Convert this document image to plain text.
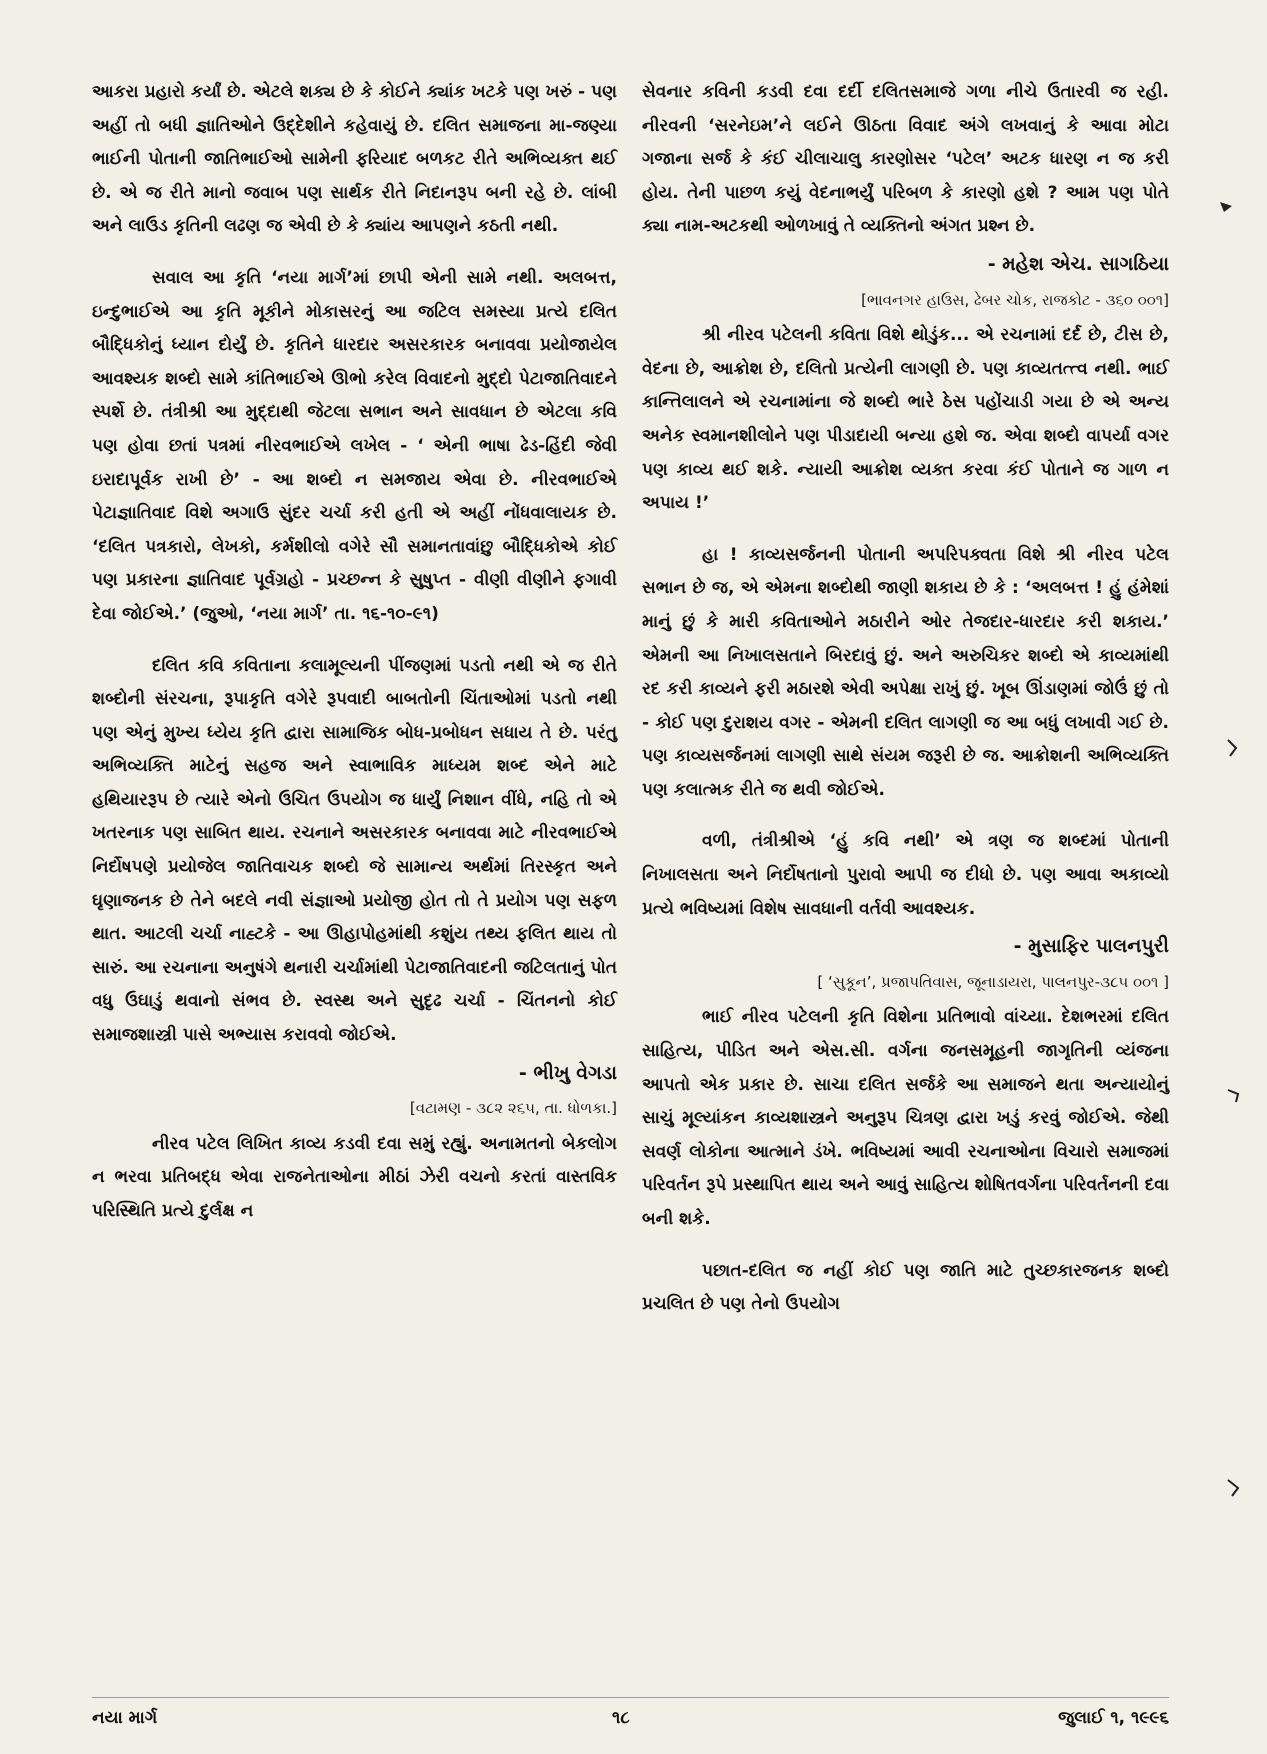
આકરા પ્રહારો કર્યાં છે. એટલે શક્ય છે કે કોઈને ક્યાંક ખટકે પણ ખરું - પણ અહીં તો બધી જ્ઞાતિઓને ઉદ્દેશીને કહેવાયું છે. દલિત સમાજના મા-જણ્યા ભાઈની પોતાની જાતિભાઈઓ સામેની ફરિયાદ બળકટ રીતે અભિવ્યક્ત થઈ છે. એ જ રીતે માનો જવાબ પણ સાર્થક રીતે નિદાનરૂપ બની રહે છે. લાંબી અને લાઉડ કૃતિની લઢણ જ એવી છે કે ક્યાંય આપણને કઠતી નથી.

સવાલ આ કૃતિ ‘નયા માર્ગ’માં છાપી એની સામે નથી. અલબત્ત, ઇન્દુભાઈએ આ કૃતિ મૂકીને મોકાસરનું આ જટિલ સમસ્યા પ્રત્યે દલિત બૌદ્ધિકોનું ધ્યાન દોર્યું છે. કૃતિને ધારદાર અસરકારક બનાવવા પ્રયોજાયેલ આવશ્યક શબ્દો સામે કાંતિભાઈએ ઊભો કરેલ વિવાદનો મુદ્દો પેટાજાતિવાદને સ્પર્શે છે. તંત્રીશ્રી આ મુદ્દાથી જેટલા સભાન અને સાવધાન છે એટલા કવિ પણ હોવા છતાં પત્રમાં નીરવભાઈએ લખેલ - ‘ એની ભાષા ઢેડ-હિંદી જેવી ઇરાદાપૂર્વક રાખી છે’ - આ શબ્દો ન સમજાય એવા છે. નીરવભાઈએ પેટાજ્ઞાતિવાદ વિશે અગાઉ સુંદર ચર્ચા કરી હતી એ અહીં નોંધવાલાયક છે. ‘દલિત પત્રકારો, લેખકો, કર્મશીલો વગેરે સૌ સમાનતાવાંછુ બૌદ્ધિકોએ કોઈ પણ પ્રકારના જ્ઞાતિવાદ પૂર્વગ્રહો - પ્રચ્છન્ન કે સુષુપ્ત - વીણી વીણીને ફગાવી દેવા જોઈએ.’ (જુઓ, ‘નયા માર્ગ’ તા. ૧૬-૧૦-૯૧)

દલિત કવિ કવિતાના કલામૂલ્યની પીંજણમાં પડતો નથી એ જ રીતે શબ્દોની સંરચના, રૂપાકૃતિ વગેરે રૂપવાદી બાબતોની ચિંતાઓમાં પડતો નથી પણ એનું મુખ્ય ધ્યેય કૃતિ દ્વારા સામાજિક બોધ-પ્રબોધન સધાય તે છે. પરંતુ અભિવ્યક્તિ માટેનું સહજ અને સ્વાભાવિક માધ્યમ શબ્દ એને માટે હથિયારરૂપ છે ત્યારે એનો ઉચિત ઉપયોગ જ ધાર્યું નિશાન વીંધે, નહિ તો એ ખતરનાક પણ સાબિત થાય. રચનાને અસરકારક બનાવવા માટે નીરવભાઈએ નિર્દોષપણે પ્રયોજેલ જાતિવાચક શબ્દો જે સામાન્ય અર્થમાં તિરસ્કૃત અને ઘૃણાજનક છે તેને બદલે નવી સંજ્ઞાઓ પ્રયોજી હોત તો તે પ્રયોગ પણ સફળ થાત. આટલી ચર્ચા નાહ્ટકે - આ ઊહાપોહમાંથી કશુંય તથ્ય ફલિત થાય તો સારું. આ રચનાના અનુષંગે થનારી ચર્ચામાંથી પેટાજાતિવાદની જટિલતાનું પોત વધુ ઉઘાડું થવાનો સંભવ છે. સ્વસ્થ અને સુદૃઢ ચર્ચા - ચિંતનનો કોઈ સમાજશાસ્ત્રી પાસે અભ્યાસ કરાવવો જોઈએ.

- ભીખુ વેગડા
[વટામણ - ૩૮૨ ૨૬૫, તા. ધોળકા.]

નીરવ પટેલ લિખિત કાવ્ય કડવી દવા સમું રહ્યું. અનામતનો બેકલોગ ન ભરવા પ્રતિબદ્ધ એવા રાજનેતાઓના મીઠાં ઝેરી વચનો કરતાં વાસ્તવિક પરિસ્થિતિ પ્રત્યે દુર્લક્ષ ન

સેવનાર કવિની કડવી દવા દર્દી દલિતસમાજે ગળા નીચે ઉતારવી જ રહી. નીરવની ‘સરનેઇમ’ને લઈને ઊઠતા વિવાદ અંગે લખવાનું કે આવા મોટા ગજાના સર્જ કે કંઈ ચીલાચાલુ કારણોસર ‘પટેલ’ અટક ધારણ ન જ કરી હોય. તેની પાછળ કયું વેદનાભર્યું પરિબળ કે કારણો હશે ? આમ પણ પોતે ક્યા નામ-અટકથી ઓળખાવું તે વ્યક્તિનો અંગત પ્રશ્ન છે.

- મહેશ એચ. સાગઠિયા
[ભાવનગર હાઉસ, ઢેબર ચોક, રાજકોટ - ૩૬૦ ૦૦૧]

શ્રી નીરવ પટેલની કવિતા વિશે થોડુંક... એ રચનામાં દર્દ છે, ટીસ છે, વેદના છે, આક્રોશ છે, દલિતો પ્રત્યેની લાગણી છે. પણ કાવ્યતત્ત્વ નથી. ભાઈ કાન્તિલાલને એ રચનામાંના જે શબ્દો ભારે ઠેસ પહોંચાડી ગયા છે એ અન્ય અનેક સ્વમાનશીલોને પણ પીડાદાયી બન્યા હશે જ. એવા શબ્દો વાપર્યા વગર પણ કાવ્ય થઈ શકે. ન્યાયી આક્રોશ વ્યક્ત કરવા કંઈ પોતાને જ ગાળ ન અપાય !’

હા ! કાવ્યસર્જનની પોતાની અપરિપક્વતા વિશે શ્રી નીરવ પટેલ સભાન છે જ, એ એમના શબ્દોથી જાણી શકાય છે કે : ‘અલબત્ત ! હું હંમેશાં માનું છું કે મારી કવિતાઓને મઠારીને ઓર તેજદાર-ધારદાર કરી શકાય.’ એમની આ નિખાલસતાને બિરદાવું છું. અને અરુચિકર શબ્દો એ કાવ્યમાંથી રદ કરી કાવ્યને ફરી મઠારશે એવી અપેક્ષા રાખું છું. ખૂબ ઊંડાણમાં જોઉં છું તો - કોઈ પણ દુરાશય વગર - એમની દલિત લાગણી જ આ બધું લખાવી ગઈ છે. પણ કાવ્યસર્જનમાં લાગણી સાથે સંયમ જરૂરી છે જ. આક્રોશની અભિવ્યક્તિ પણ કલાત્મક રીતે જ થવી જોઈએ.

વળી, તંત્રીશ્રીએ ‘હું કવિ નથી’ એ ત્રણ જ શબ્દમાં પોતાની નિખાલસતા અને નિર્દોષતાનો પુરાવો આપી જ દીધો છે. પણ આવા અકાવ્યો પ્રત્યે ભવિષ્યમાં વિશેષ સાવધાની વર્તવી આવશ્યક.

- મુસાફિર પાલનપુરી
[ ‘સુકૂન’, પ્રજાપતિવાસ, જૂનાડાયરા, પાલનપુર-૩૮૫ ૦૦૧ ]

ભાઈ નીરવ પટેલની કૃતિ વિશેના પ્રતિભાવો વાંચ્યા. દેશભરમાં દલિત સાહિત્ય, પીડિત અને એસ.સી. વર્ગના જનસમૂહની જાગૃતિની વ્યંજના આપતો એક પ્રકાર છે. સાચા દલિત સર્જકે આ સમાજને થતા અન્યાયોનું સાચું મૂલ્યાંકન કાવ્યશાસ્ત્રને અનુરૂપ ચિત્રણ દ્વારા ખડું કરવું જોઈએ. જેથી સવર્ણ લોકોના આત્માને ડંખે. ભવિષ્યમાં આવી રચનાઓના વિચારો સમાજમાં પરિવર્તન રૂપે પ્રસ્થાપિત થાય અને આવું સાહિત્ય શોષિતવર્ગના પરિવર્તનની દવા બની શકે.

પછાત-દલિત જ નહીં કોઈ પણ જાતિ માટે તુચ્છકારજનક શબ્દો પ્રચલિત છે પણ તેનો ઉપયોગ

નયા માર્ગ	૧૮	જુલાઈ ૧, ૧૯૯૬
